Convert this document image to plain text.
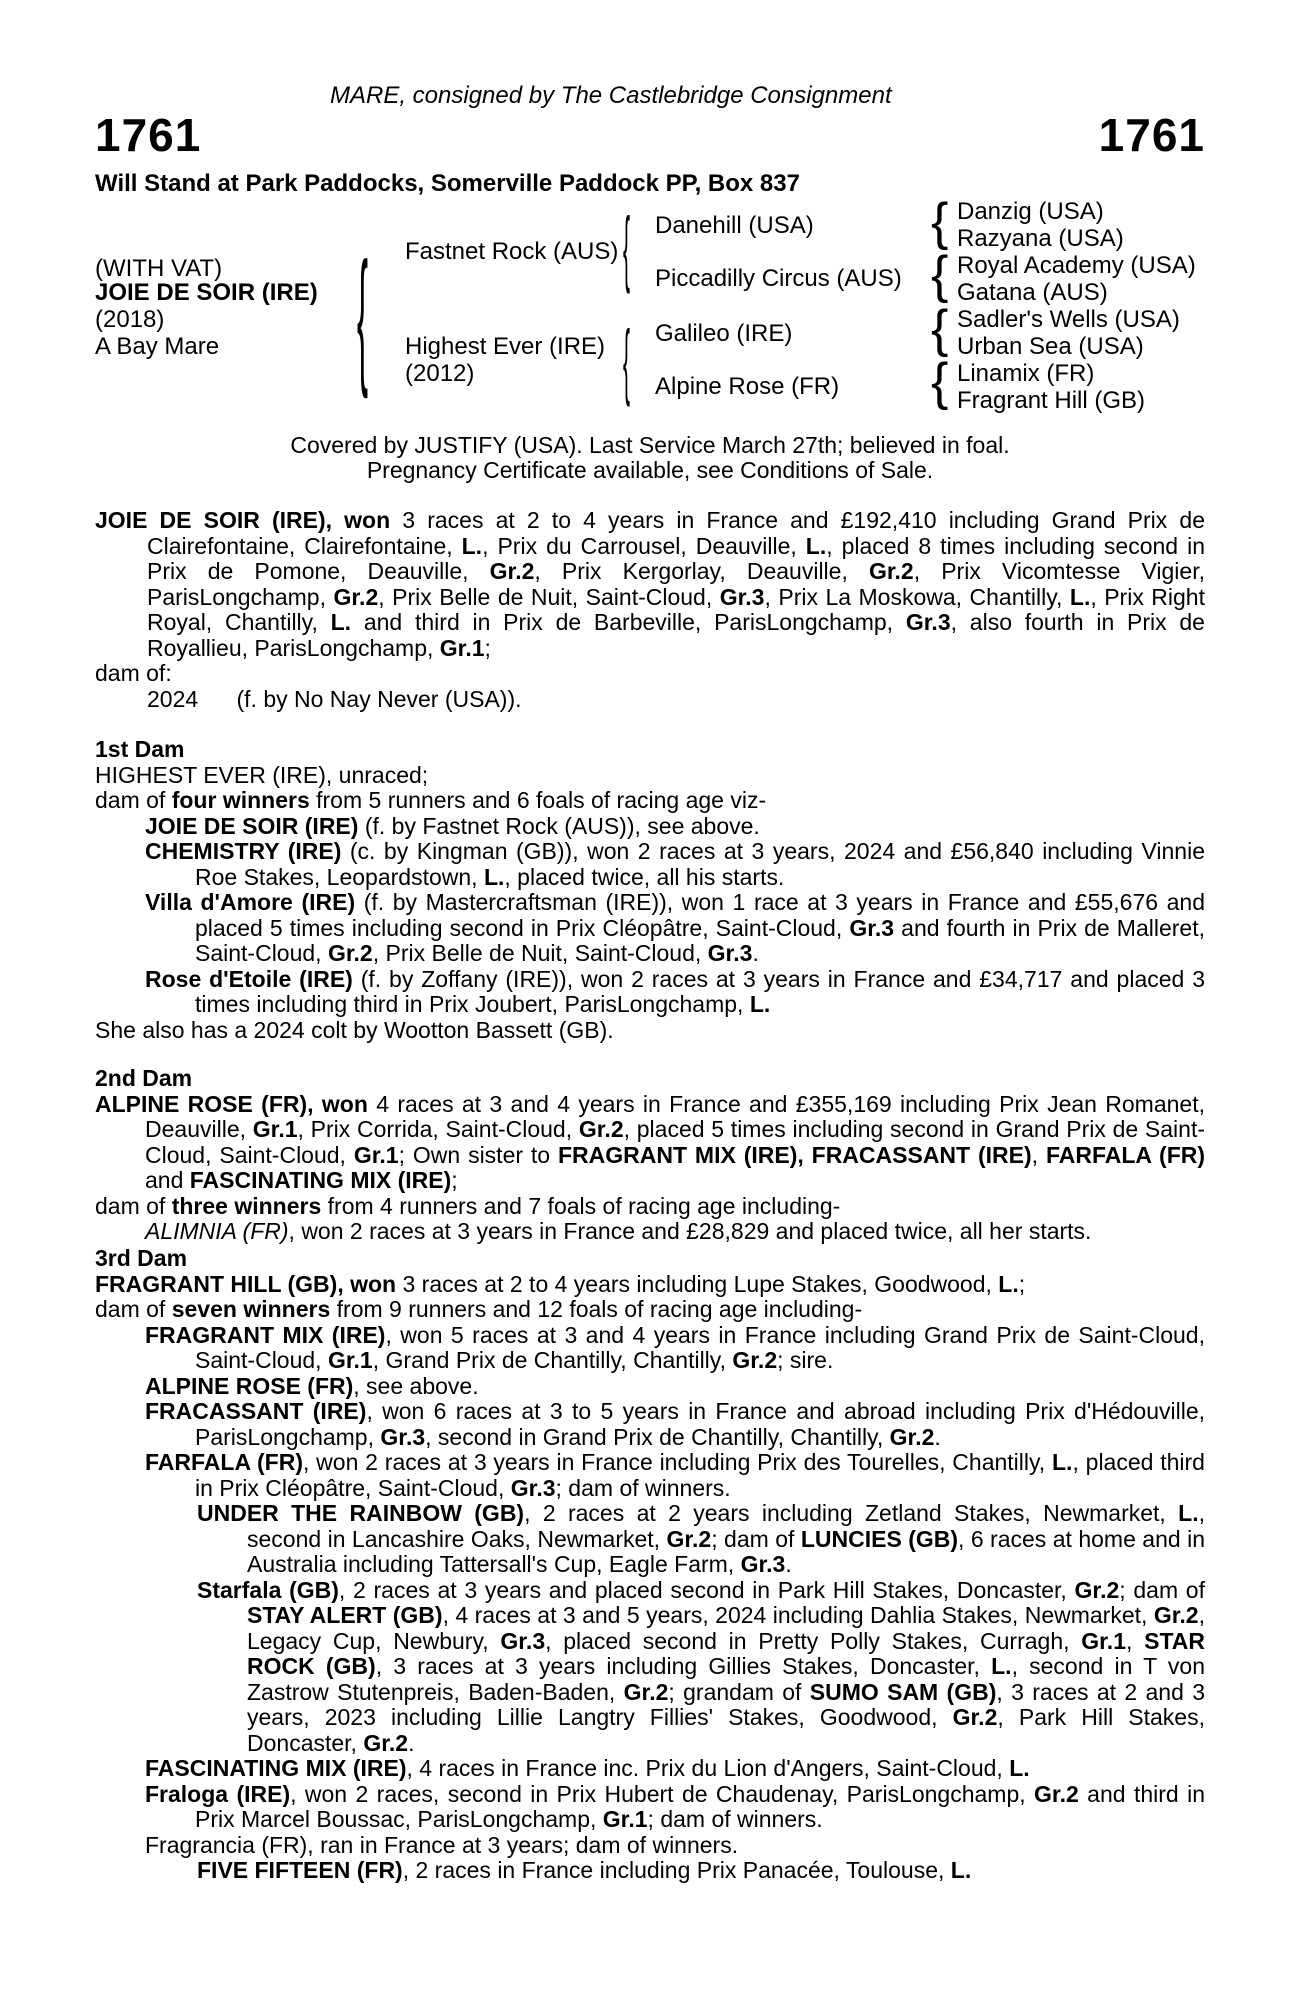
MARE, consigned by The Castlebridge Consignment
1761	1761
Will Stand at Park Paddocks, Somerville Paddock PP, Box 837
(WITH VAT)
JOIE DE SOIR (IRE)
(2018)
A Bay Mare { Fastnet Rock (AUS)
Highest Ever (IRE)
(2012)
{
{
Danehill (USA)
Piccadilly Circus (AUS)
Galileo (IRE)
Alpine Rose (FR)
{
{
{
{
Danzig (USA)
Razyana (USA)
Royal Academy (USA)
Gatana (AUS)
Sadler's Wells (USA)
Urban Sea (USA)
Linamix (FR)
Fragrant Hill (GB)
Covered by JUSTIFY (USA). Last Service March 27th; believed in foal.
Pregnancy Certificate available, see Conditions of Sale.
JOIE DE SOIR (IRE), won 3 races at 2 to 4 years in France and £192,410 including Grand Prix de Clairefontaine, Clairefontaine, L., Prix du Carrousel, Deauville, L., placed 8 times including second in Prix de Pomone, Deauville, Gr.2, Prix Kergorlay, Deauville, Gr.2, Prix Vicomtesse Vigier, ParisLongchamp, Gr.2, Prix Belle de Nuit, Saint-Cloud, Gr.3, Prix La Moskowa, Chantilly, L., Prix Right Royal, Chantilly, L. and third in Prix de Barbeville, ParisLongchamp, Gr.3, also fourth in Prix de Royallieu, ParisLongchamp, Gr.1;
dam of:
2024      (f. by No Nay Never (USA)).
1st Dam
HIGHEST EVER (IRE), unraced;
dam of four winners from 5 runners and 6 foals of racing age viz-
JOIE DE SOIR (IRE) (f. by Fastnet Rock (AUS)), see above.
CHEMISTRY (IRE) (c. by Kingman (GB)), won 2 races at 3 years, 2024 and £56,840 including Vinnie Roe Stakes, Leopardstown, L., placed twice, all his starts.
Villa d'Amore (IRE) (f. by Mastercraftsman (IRE)), won 1 race at 3 years in France and £55,676 and placed 5 times including second in Prix Cléopâtre, Saint-Cloud, Gr.3 and fourth in Prix de Malleret, Saint-Cloud, Gr.2, Prix Belle de Nuit, Saint-Cloud, Gr.3.
Rose d'Etoile (IRE) (f. by Zoffany (IRE)), won 2 races at 3 years in France and £34,717 and placed 3 times including third in Prix Joubert, ParisLongchamp, L.
She also has a 2024 colt by Wootton Bassett (GB).
2nd Dam
ALPINE ROSE (FR), won 4 races at 3 and 4 years in France and £355,169 including Prix Jean Romanet, Deauville, Gr.1, Prix Corrida, Saint-Cloud, Gr.2, placed 5 times including second in Grand Prix de Saint-Cloud, Saint-Cloud, Gr.1; Own sister to FRAGRANT MIX (IRE), FRACASSANT (IRE), FARFALA (FR) and FASCINATING MIX (IRE);
dam of three winners from 4 runners and 7 foals of racing age including-
ALIMNIA (FR), won 2 races at 3 years in France and £28,829 and placed twice, all her starts.
3rd Dam
FRAGRANT HILL (GB), won 3 races at 2 to 4 years including Lupe Stakes, Goodwood, L.;
dam of seven winners from 9 runners and 12 foals of racing age including-
FRAGRANT MIX (IRE), won 5 races at 3 and 4 years in France including Grand Prix de Saint-Cloud, Saint-Cloud, Gr.1, Grand Prix de Chantilly, Chantilly, Gr.2; sire.
ALPINE ROSE (FR), see above.
FRACASSANT (IRE), won 6 races at 3 to 5 years in France and abroad including Prix d'Hédouville, ParisLongchamp, Gr.3, second in Grand Prix de Chantilly, Chantilly, Gr.2.
FARFALA (FR), won 2 races at 3 years in France including Prix des Tourelles, Chantilly, L., placed third in Prix Cléopâtre, Saint-Cloud, Gr.3; dam of winners.
UNDER THE RAINBOW (GB), 2 races at 2 years including Zetland Stakes, Newmarket, L., second in Lancashire Oaks, Newmarket, Gr.2; dam of LUNCIES (GB), 6 races at home and in Australia including Tattersall's Cup, Eagle Farm, Gr.3.
Starfala (GB), 2 races at 3 years and placed second in Park Hill Stakes, Doncaster, Gr.2; dam of STAY ALERT (GB), 4 races at 3 and 5 years, 2024 including Dahlia Stakes, Newmarket, Gr.2, Legacy Cup, Newbury, Gr.3, placed second in Pretty Polly Stakes, Curragh, Gr.1, STAR ROCK (GB), 3 races at 3 years including Gillies Stakes, Doncaster, L., second in T von Zastrow Stutenpreis, Baden-Baden, Gr.2; grandam of SUMO SAM (GB), 3 races at 2 and 3 years, 2023 including Lillie Langtry Fillies' Stakes, Goodwood, Gr.2, Park Hill Stakes, Doncaster, Gr.2.
FASCINATING MIX (IRE), 4 races in France inc. Prix du Lion d'Angers, Saint-Cloud, L.
Fraloga (IRE), won 2 races, second in Prix Hubert de Chaudenay, ParisLongchamp, Gr.2 and third in Prix Marcel Boussac, ParisLongchamp, Gr.1; dam of winners.
Fragrancia (FR), ran in France at 3 years; dam of winners.
FIVE FIFTEEN (FR), 2 races in France including Prix Panacée, Toulouse, L.
